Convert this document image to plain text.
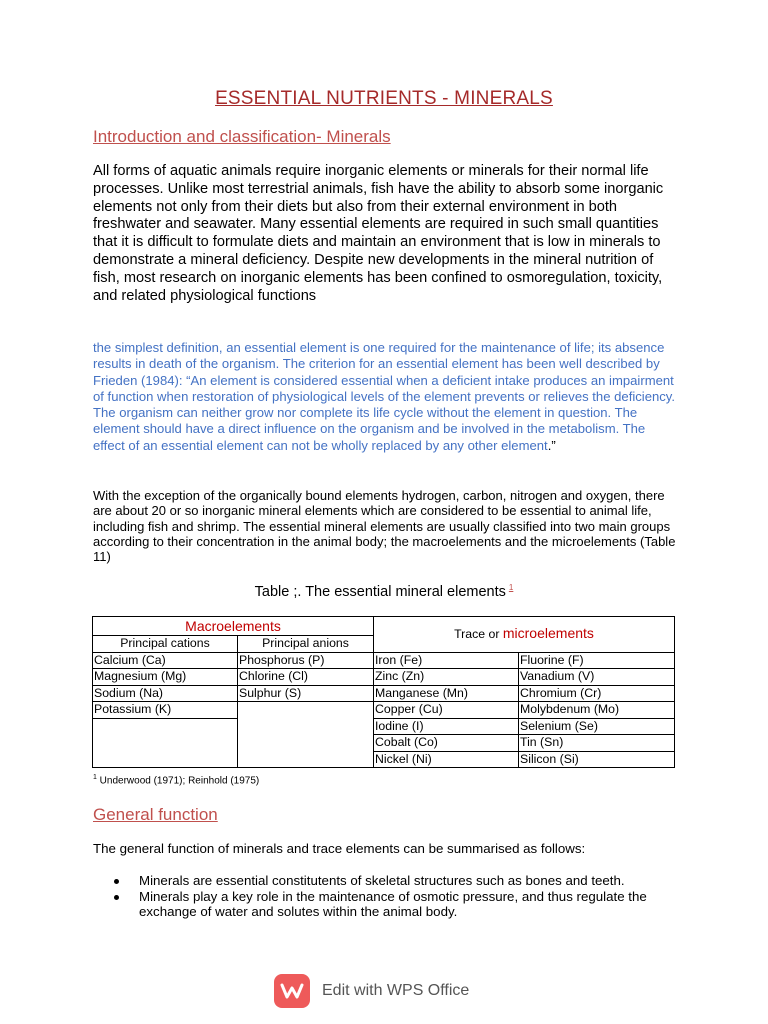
ESSENTIAL NUTRIENTS - MINERALS
Introduction and classification- Minerals
All forms of aquatic animals require inorganic elements or minerals for their normal life processes. Unlike most terrestrial animals, fish have the ability to absorb some inorganic elements not only from their diets but also from their external environment in both freshwater and seawater. Many essential elements are required in such small quantities that it is difficult to formulate diets and maintain an environment that is low in minerals to demonstrate a mineral deficiency. Despite new developments in the mineral nutrition of fish, most research on inorganic elements has been confined to osmoregulation, toxicity, and related physiological functions
the simplest definition, an essential element is one required for the maintenance of life; its absence results in death of the organism. The criterion for an essential element has been well described by Frieden (1984): “An element is considered essential when a deficient intake produces an impairment of function when restoration of physiological levels of the element prevents or relieves the deficiency. The organism can neither grow nor complete its life cycle without the element in question. The element should have a direct influence on the organism and be involved in the metabolism. The effect of an essential element can not be wholly replaced by any other element.”
With the exception of the organically bound elements hydrogen, carbon, nitrogen and oxygen, there are about 20 or so inorganic mineral elements which are considered to be essential to animal life, including fish and shrimp. The essential mineral elements are usually classified into two main groups according to their concentration in the animal body; the macroelements and the microelements (Table 11)
Table ;. The essential mineral elements $^1$
Macroelements		Trace or microelements	
Principal cations	Principal anions		
Calcium (Ca)	Phosphorus (P)	Iron (Fe)	Fluorine (F)
Magnesium (Mg)	Chlorine (Cl)	Zinc (Zn)	Vanadium (V)
Sodium (Na)	Sulphur (S)	Manganese (Mn)	Chromium (Cr)
Potassium (K)		Copper (Cu)	Molybdenum (Mo)
		Iodine (I)	Selenium (Se)
		Cobalt (Co)	Tin (Sn)
		Nickel (Ni)	Silicon (Si)
$^1$ Underwood (1971); Reinhold (1975)
General function
The general function of minerals and trace elements can be summarised as follows:
Minerals are essential constitutents of skeletal structures such as bones and teeth.
Minerals play a key role in the maintenance of osmotic pressure, and thus regulate the exchange of water and solutes within the animal body.
Edit with WPS Office
